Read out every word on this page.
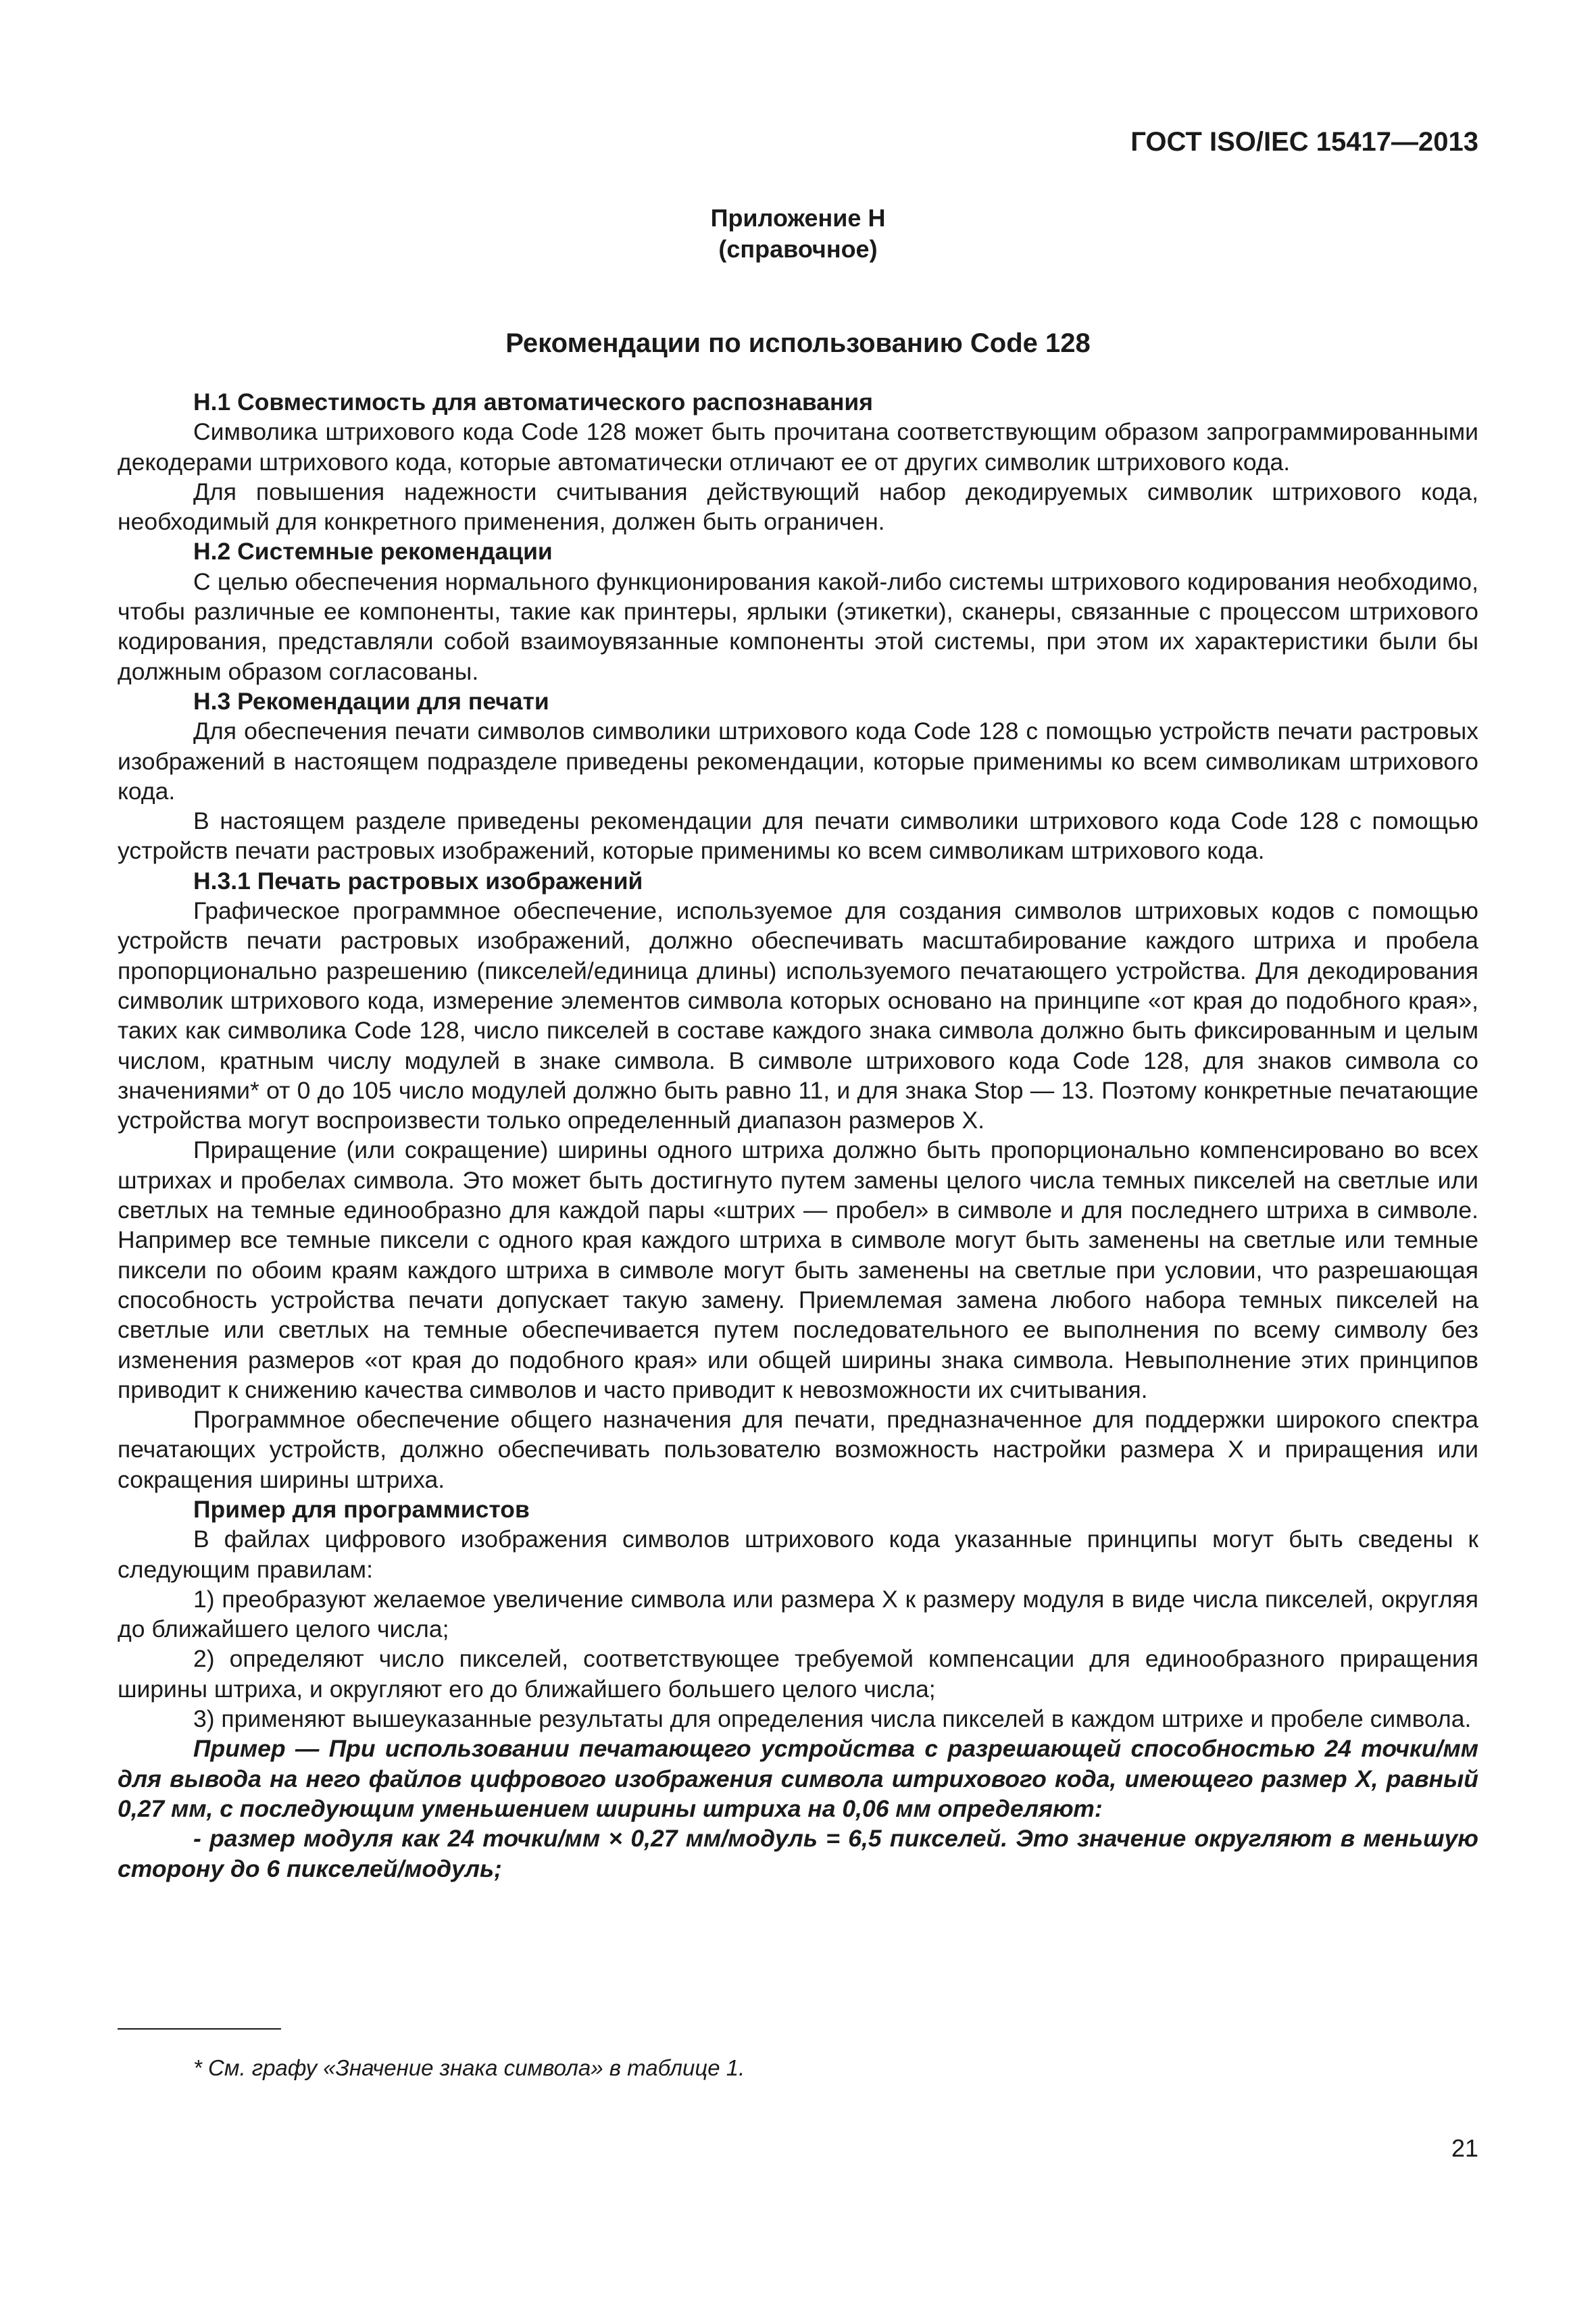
ГОСТ ISO/IEC 15417—2013
Приложение Н
(справочное)
Рекомендации по использованию Code 128

Н.1 Совместимость для автоматического распознавания

Символика штрихового кода Code 128 может быть прочитана соответствующим образом запрограммированными декодерами штрихового кода, которые автоматически отличают ее от других символик штрихового кода.

Для повышения надежности считывания действующий набор декодируемых символик штрихового кода, необходимый для конкретного применения, должен быть ограничен.

Н.2 Системные рекомендации

С целью обеспечения нормального функционирования какой-либо системы штрихового кодирования необходимо, чтобы различные ее компоненты, такие как принтеры, ярлыки (этикетки), сканеры, связанные с процессом штрихового кодирования, представляли собой взаимоувязанные компоненты этой системы, при этом их характеристики были бы должным образом согласованы.

Н.3 Рекомендации для печати

Для обеспечения печати символов символики штрихового кода Code 128 с помощью устройств печати растровых изображений в настоящем подразделе приведены рекомендации, которые применимы ко всем символикам штрихового кода.

В настоящем разделе приведены рекомендации для печати символики штрихового кода Code 128 с помощью устройств печати растровых изображений, которые применимы ко всем символикам штрихового кода.

Н.3.1 Печать растровых изображений

Графическое программное обеспечение, используемое для создания символов штриховых кодов с помощью устройств печати растровых изображений, должно обеспечивать масштабирование каждого штриха и пробела пропорционально разрешению (пикселей/единица длины) используемого печатающего устройства. Для декодирования символик штрихового кода, измерение элементов символа которых основано на принципе «от края до подобного края», таких как символика Code 128, число пикселей в составе каждого знака символа должно быть фиксированным и целым числом, кратным числу модулей в знаке символа. В символе штрихового кода Code 128, для знаков символа со значениями* от 0 до 105 число модулей должно быть равно 11, и для знака Stop — 13. Поэтому конкретные печатающие устройства могут воспроизвести только определенный диапазон размеров X.

Приращение (или сокращение) ширины одного штриха должно быть пропорционально компенсировано во всех штрихах и пробелах символа. Это может быть достигнуто путем замены целого числа темных пикселей на светлые или светлых на темные единообразно для каждой пары «штрих — пробел» в символе и для последнего штриха в символе. Например все темные пиксели с одного края каждого штриха в символе могут быть заменены на светлые или темные пиксели по обоим краям каждого штриха в символе могут быть заменены на светлые при условии, что разрешающая способность устройства печати допускает такую замену. Приемлемая замена любого набора темных пикселей на светлые или светлых на темные обеспечивается путем последовательного ее выполнения по всему символу без изменения размеров «от края до подобного края» или общей ширины знака символа. Невыполнение этих принципов приводит к снижению качества символов и часто приводит к невозможности их считывания.

Программное обеспечение общего назначения для печати, предназначенное для поддержки широкого спектра печатающих устройств, должно обеспечивать пользователю возможность настройки размера X и приращения или сокращения ширины штриха.

Пример для программистов

В файлах цифрового изображения символов штрихового кода указанные принципы могут быть сведены к следующим правилам:

1) преобразуют желаемое увеличение символа или размера X к размеру модуля в виде числа пикселей, округляя до ближайшего целого числа;

2) определяют число пикселей, соответствующее требуемой компенсации для единообразного приращения ширины штриха, и округляют его до ближайшего большего целого числа;

3) применяют вышеуказанные результаты для определения числа пикселей в каждом штрихе и пробеле символа.

Пример — При использовании печатающего устройства с разрешающей способностью 24 точки/мм для вывода на него файлов цифрового изображения символа штрихового кода, имеющего размер X, равный 0,27 мм, с последующим уменьшением ширины штриха на 0,06 мм определяют:

- размер модуля как 24 точки/мм × 0,27 мм/модуль = 6,5 пикселей. Это значение округляют в меньшую сторону до 6 пикселей/модуль;

* См. графу «Значение знака символа» в таблице 1.
21
